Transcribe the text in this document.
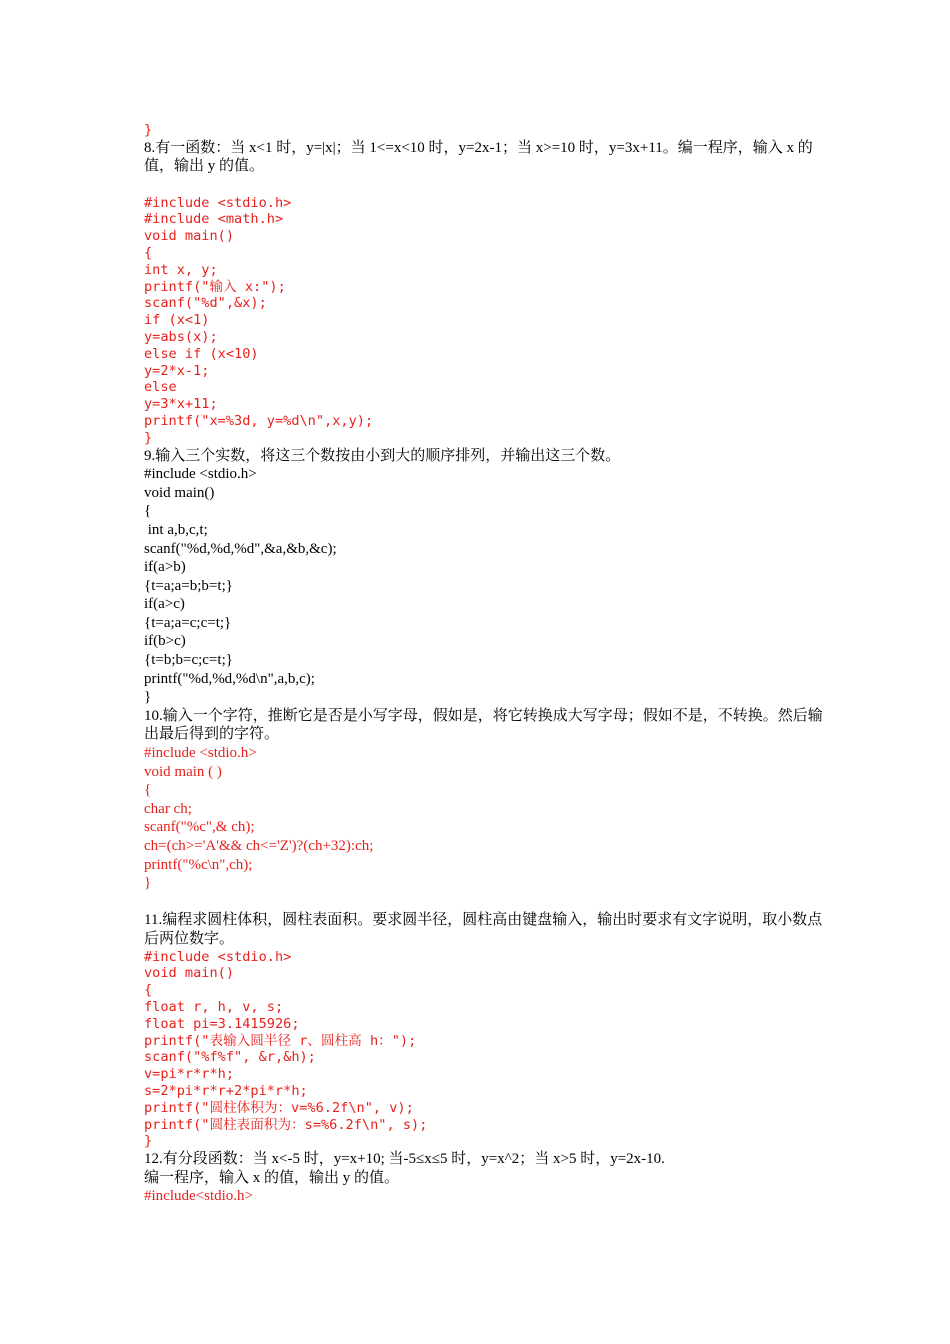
}
8.有一函数：当 x<1 时，y=|x|；当 1<=x<10 时，y=2x-1；当 x>=10 时，y=3x+11。编一程序，输入 x 的值，输出 y 的值。
#include <stdio.h>
#include <math.h>
void main()
{
int x, y;
printf("输入 x:");
scanf("%d",&x);
if (x<1)
y=abs(x);
else if (x<10)
y=2*x-1;
else
y=3*x+11;
printf("x=%3d, y=%d\n",x,y);
}
9.输入三个实数，将这三个数按由小到大的顺序排列，并输出这三个数。
#include <stdio.h>
void main()
{
int a,b,c,t;
scanf("%d,%d,%d",&a,&b,&c);
if(a>b)
{t=a;a=b;b=t;}
if(a>c)
{t=a;a=c;c=t;}
if(b>c)
{t=b;b=c;c=t;}
printf("%d,%d,%d\n",a,b,c);
}
10.输入一个字符，推断它是否是小写字母，假如是，将它转换成大写字母；假如不是，不转换。然后输出最后得到的字符。
#include <stdio.h>
void main ( )
{
char ch;
scanf("%c",& ch);
ch=(ch>='A'&& ch<='Z')?(ch+32):ch;
printf("%c\n",ch);
}
11.编程求圆柱体积，圆柱表面积。要求圆半径，圆柱高由键盘输入，输出时要求有文字说明，取小数点后两位数字。
#include <stdio.h>
void main()
{
float r, h, v, s;
float pi=3.1415926;
printf("表输入圆半径 r、圆柱高 h：");
scanf("%f%f", &r,&h);
v=pi*r*r*h;
s=2*pi*r*r+2*pi*r*h;
printf("圆柱体积为：v=%6.2f\n", v);
printf("圆柱表面积为：s=%6.2f\n", s);
}
12.有分段函数：当 x<-5 时，y=x+10; 当-5≤x≤5 时，y=x^2；当 x>5 时，y=2x-10.
编一程序，输入 x 的值，输出 y 的值。
#include<stdio.h>
